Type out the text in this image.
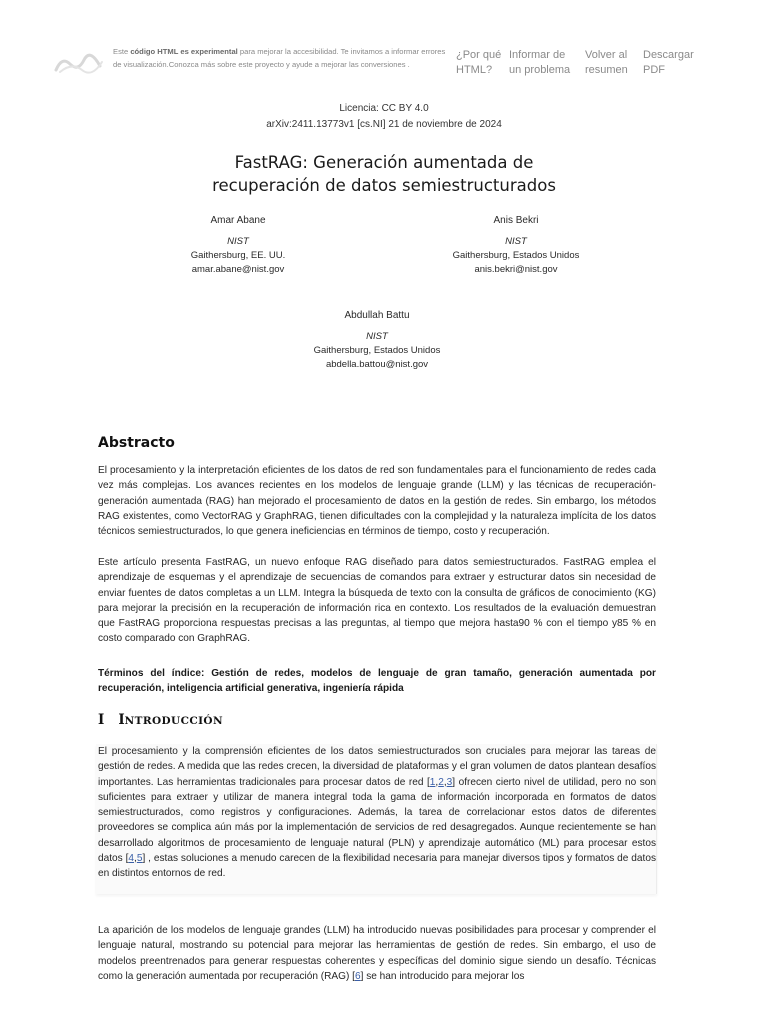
Este código HTML es experimental para mejorar la accesibilidad. Te invitamos a informar errores de visualización.Conozca más sobre este proyecto y ayude a mejorar las conversiones .
¿Por qué HTML?
Informar de un problema
Volver al resumen
Descargar PDF
Licencia: CC BY 4.0
arXiv:2411.13773v1 [cs.NI] 21 de noviembre de 2024
FastRAG: Generación aumentada de
recuperación de datos semiestructurados
Amar Abane
NIST
Gaithersburg, EE. UU.
amar.abane@nist.gov
Anis Bekri
NIST
Gaithersburg, Estados Unidos
anis.bekri@nist.gov
Abdullah Battu
NIST
Gaithersburg, Estados Unidos
abdella.battou@nist.gov
Abstracto

El procesamiento y la interpretación eficientes de los datos de red son fundamentales para el funcionamiento de redes cada vez más complejas. Los avances recientes en los modelos de lenguaje grande (LLM) y las técnicas de recuperación-generación aumentada (RAG) han mejorado el procesamiento de datos en la gestión de redes. Sin embargo, los métodos RAG existentes, como VectorRAG y GraphRAG, tienen dificultades con la complejidad y la naturaleza implícita de los datos técnicos semiestructurados, lo que genera ineficiencias en términos de tiempo, costo y recuperación.

Este artículo presenta FastRAG, un nuevo enfoque RAG diseñado para datos semiestructurados. FastRAG emplea el aprendizaje de esquemas y el aprendizaje de secuencias de comandos para extraer y estructurar datos sin necesidad de enviar fuentes de datos completas a un LLM. Integra la búsqueda de texto con la consulta de gráficos de conocimiento (KG) para mejorar la precisión en la recuperación de información rica en contexto. Los resultados de la evaluación demuestran que FastRAG proporciona respuestas precisas a las preguntas, al tiempo que mejora hasta90 % con el tiempo y85 % en costo comparado con GraphRAG.

Términos del índice: Gestión de redes, modelos de lenguaje de gran tamaño, generación aumentada por recuperación, inteligencia artificial generativa, ingeniería rápida

I INTRODUCCIÓN

El procesamiento y la comprensión eficientes de los datos semiestructurados son cruciales para mejorar las tareas de gestión de redes. A medida que las redes crecen, la diversidad de plataformas y el gran volumen de datos plantean desafíos importantes. Las herramientas tradicionales para procesar datos de red [1,2,3] ofrecen cierto nivel de utilidad, pero no son suficientes para extraer y utilizar de manera integral toda la gama de información incorporada en formatos de datos semiestructurados, como registros y configuraciones. Además, la tarea de correlacionar estos datos de diferentes proveedores se complica aún más por la implementación de servicios de red desagregados. Aunque recientemente se han desarrollado algoritmos de procesamiento de lenguaje natural (PLN) y aprendizaje automático (ML) para procesar estos datos [4,5] , estas soluciones a menudo carecen de la flexibilidad necesaria para manejar diversos tipos y formatos de datos en distintos entornos de red.

La aparición de los modelos de lenguaje grandes (LLM) ha introducido nuevas posibilidades para procesar y comprender el lenguaje natural, mostrando su potencial para mejorar las herramientas de gestión de redes. Sin embargo, el uso de modelos preentrenados para generar respuestas coherentes y específicas del dominio sigue siendo un desafío. Técnicas como la generación aumentada por recuperación (RAG) [6] se han introducido para mejorar los
